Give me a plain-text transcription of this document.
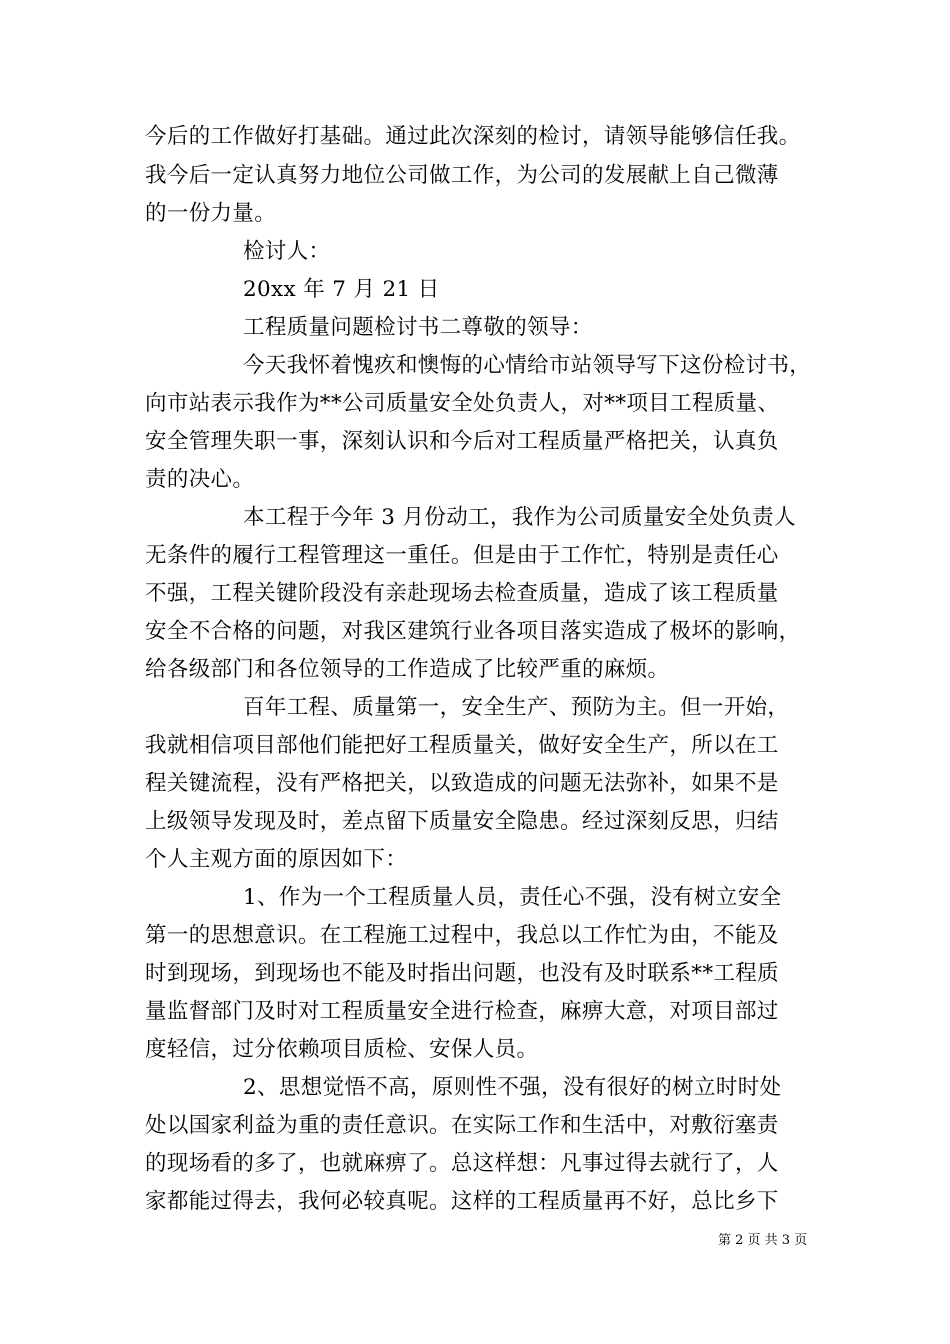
今后的工作做好打基础。通过此次深刻的检讨，请领导能够信任我。
我今后一定认真努力地位公司做工作，为公司的发展献上自己微薄
的一份力量。
检讨人：
20xx 年 7 月 21 日
工程质量问题检讨书二尊敬的领导：
今天我怀着愧疚和懊悔的心情给市站领导写下这份检讨书，
向市站表示我作为**公司质量安全处负责人，对**项目工程质量、
安全管理失职一事，深刻认识和今后对工程质量严格把关，认真负
责的决心。
本工程于今年 3 月份动工，我作为公司质量安全处负责人
无条件的履行工程管理这一重任。但是由于工作忙，特别是责任心
不强，工程关键阶段没有亲赴现场去检查质量，造成了该工程质量
安全不合格的问题，对我区建筑行业各项目落实造成了极坏的影响，
给各级部门和各位领导的工作造成了比较严重的麻烦。
百年工程、质量第一，安全生产、预防为主。但一开始，
我就相信项目部他们能把好工程质量关，做好安全生产，所以在工
程关键流程，没有严格把关，以致造成的问题无法弥补，如果不是
上级领导发现及时，差点留下质量安全隐患。经过深刻反思，归结
个人主观方面的原因如下：
1、作为一个工程质量人员，责任心不强，没有树立安全
第一的思想意识。在工程施工过程中，我总以工作忙为由，不能及
时到现场，到现场也不能及时指出问题，也没有及时联系**工程质
量监督部门及时对工程质量安全进行检查，麻痹大意，对项目部过
度轻信，过分依赖项目质检、安保人员。
2、思想觉悟不高，原则性不强，没有很好的树立时时处
处以国家利益为重的责任意识。在实际工作和生活中，对敷衍塞责
的现场看的多了，也就麻痹了。总这样想：凡事过得去就行了，人
家都能过得去，我何必较真呢。这样的工程质量再不好，总比乡下
第 2 页 共 3 页
